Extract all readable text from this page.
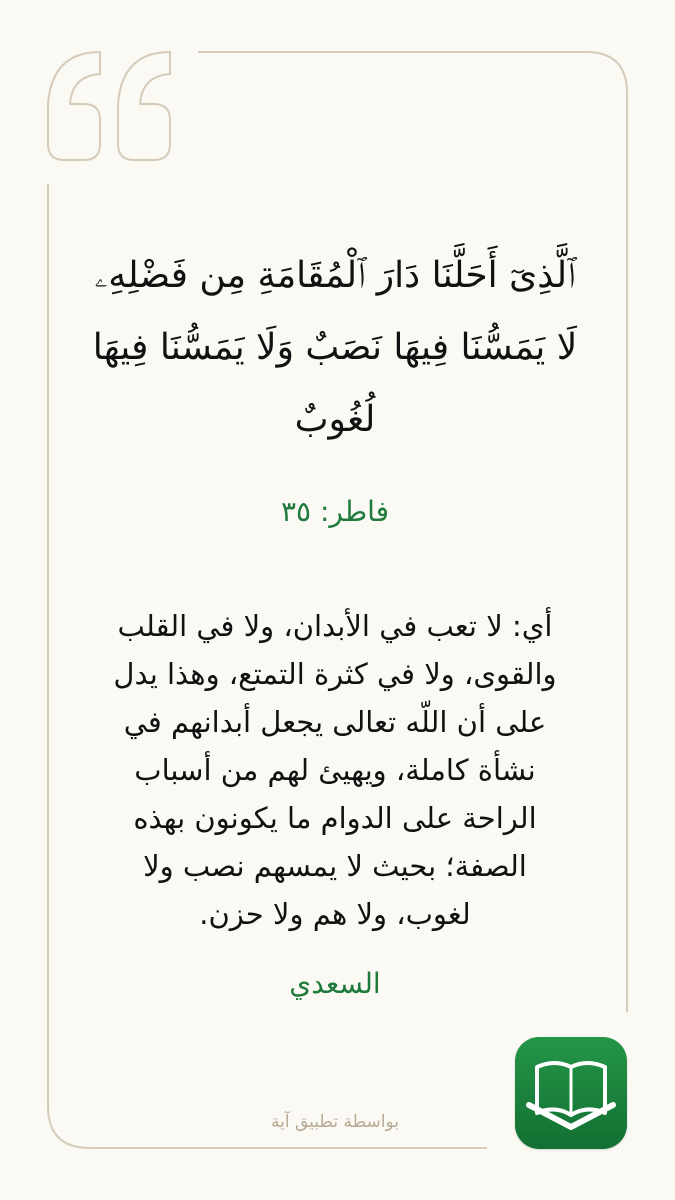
ٱلَّذِىٓ أَحَلَّنَا دَارَ ٱلْمُقَامَةِ مِن فَضْلِهِۦ
لَا يَمَسُّنَا فِيهَا نَصَبٌ وَلَا يَمَسُّنَا فِيهَا
لُغُوبٌ

فاطر: ٣٥
أي: لا تعب في الأبدان، ولا في القلب
والقوى، ولا في كثرة التمتع، وهذا يدل
على أن اللّه تعالى يجعل أبدانهم في
نشأة كاملة، ويهيئ لهم من أسباب
الراحة على الدوام ما يكونون بهذه
الصفة؛ بحيث لا يمسهم نصب ولا
لغوب، ولا هم ولا حزن.
السعدي
بواسطة تطبيق آية
